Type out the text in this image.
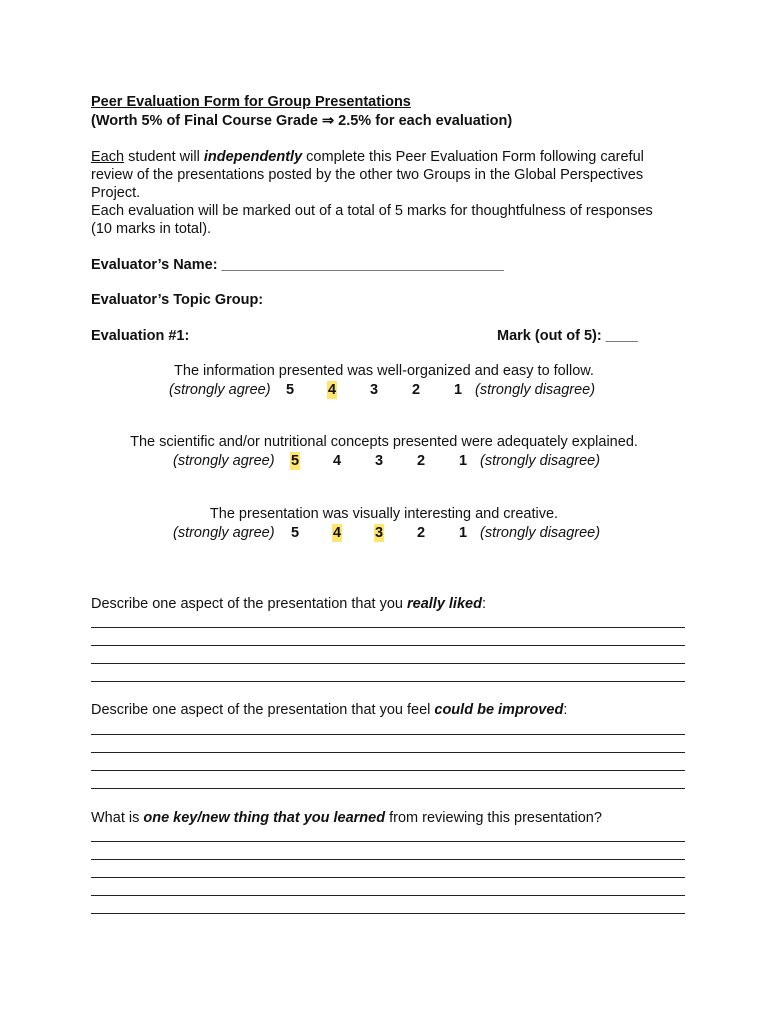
Peer Evaluation Form for Group Presentations
(Worth 5% of Final Course Grade ⇒ 2.5% for each evaluation)
Each student will independently complete this Peer Evaluation Form following careful
review of the presentations posted by the other two Groups in the Global Perspectives
Project.
Each evaluation will be marked out of a total of 5 marks for thoughtfulness of responses
(10 marks in total).
Evaluator’s Name: ___________________________________
Evaluator’s Topic Group:
Evaluation #1:	Mark (out of 5): ____
The information presented was well-organized and easy to follow.
(strongly agree) 5 4 3 2 1 (strongly disagree)
The scientific and/or nutritional concepts presented were adequately explained.
(strongly agree) 5 4 3 2 1 (strongly disagree)
The presentation was visually interesting and creative.
(strongly agree) 5 4 3 2 1 (strongly disagree)
Describe one aspect of the presentation that you really liked:
Describe one aspect of the presentation that you feel could be improved:
What is one key/new thing that you learned from reviewing this presentation?
